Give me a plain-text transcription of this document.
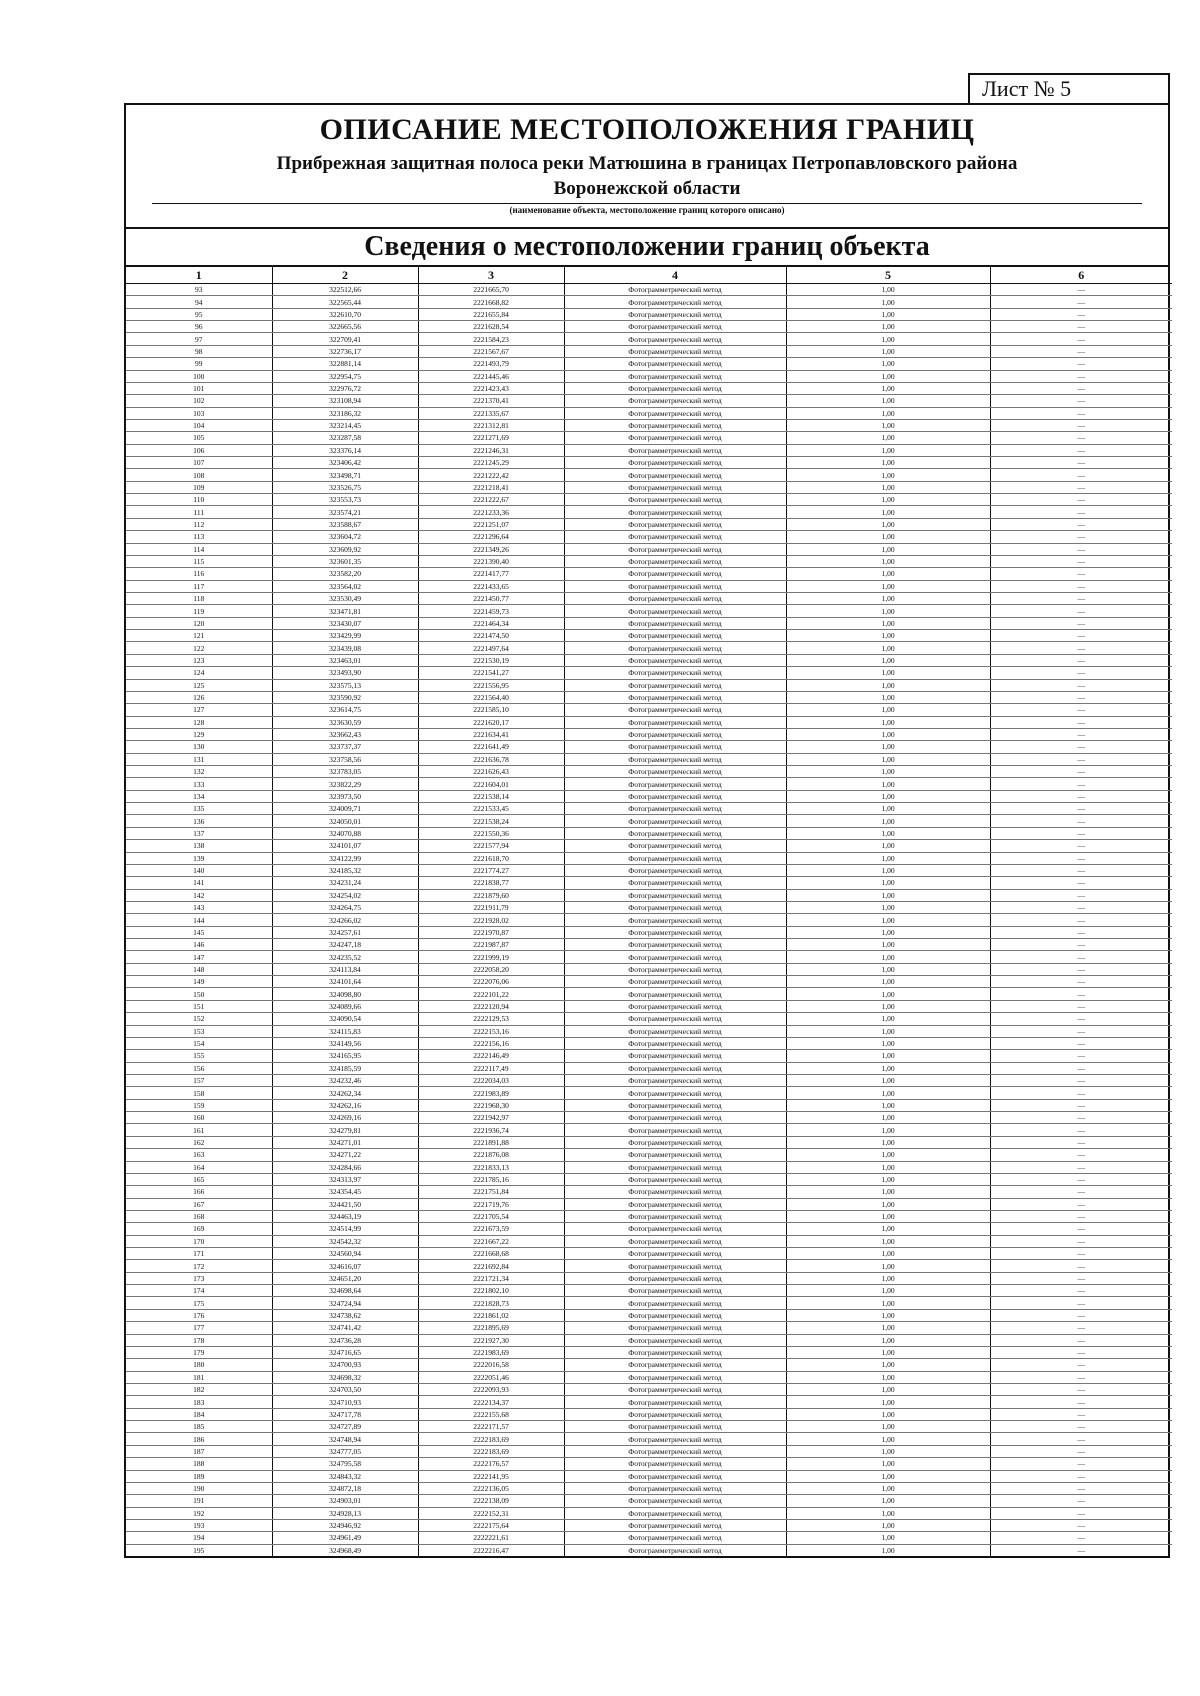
Лист № 5
ОПИСАНИЕ МЕСТОПОЛОЖЕНИЯ ГРАНИЦ
Прибрежная защитная полоса реки Матюшина в границах Петропавловского района
Воронежской области
(наименование объекта, местоположение границ которого описано)
Сведения о местоположении границ объекта
1	2	3	4	5	6
93	322512,66	2221665,70	Фотограмметрический метод	1,00	—
94	322565,44	2221668,82	Фотограмметрический метод	1,00	—
95	322610,70	2221655,84	Фотограмметрический метод	1,00	—
96	322665,56	2221628,54	Фотограмметрический метод	1,00	—
97	322709,41	2221584,23	Фотограмметрический метод	1,00	—
98	322736,17	2221567,67	Фотограмметрический метод	1,00	—
99	322881,14	2221493,79	Фотограмметрический метод	1,00	—
100	322954,75	2221445,46	Фотограмметрический метод	1,00	—
101	322976,72	2221423,43	Фотограмметрический метод	1,00	—
102	323108,94	2221370,41	Фотограмметрический метод	1,00	—
103	323186,32	2221335,67	Фотограмметрический метод	1,00	—
104	323214,45	2221312,81	Фотограмметрический метод	1,00	—
105	323287,58	2221271,69	Фотограмметрический метод	1,00	—
106	323376,14	2221246,31	Фотограмметрический метод	1,00	—
107	323406,42	2221245,29	Фотограмметрический метод	1,00	—
108	323498,71	2221222,42	Фотограмметрический метод	1,00	—
109	323526,75	2221218,41	Фотограмметрический метод	1,00	—
110	323553,73	2221222,67	Фотограмметрический метод	1,00	—
111	323574,21	2221233,36	Фотограмметрический метод	1,00	—
112	323588,67	2221251,07	Фотограмметрический метод	1,00	—
113	323604,72	2221296,64	Фотограмметрический метод	1,00	—
114	323609,92	2221349,26	Фотограмметрический метод	1,00	—
115	323601,35	2221390,40	Фотограмметрический метод	1,00	—
116	323582,20	2221417,77	Фотограмметрический метод	1,00	—
117	323564,02	2221433,65	Фотограмметрический метод	1,00	—
118	323530,49	2221450,77	Фотограмметрический метод	1,00	—
119	323471,81	2221459,73	Фотограмметрический метод	1,00	—
120	323430,07	2221464,34	Фотограмметрический метод	1,00	—
121	323429,99	2221474,50	Фотограмметрический метод	1,00	—
122	323439,08	2221497,64	Фотограмметрический метод	1,00	—
123	323463,01	2221530,19	Фотограмметрический метод	1,00	—
124	323493,90	2221541,27	Фотограмметрический метод	1,00	—
125	323575,13	2221556,95	Фотограмметрический метод	1,00	—
126	323590,92	2221564,40	Фотограмметрический метод	1,00	—
127	323614,75	2221585,10	Фотограмметрический метод	1,00	—
128	323630,59	2221620,17	Фотограмметрический метод	1,00	—
129	323662,43	2221634,41	Фотограмметрический метод	1,00	—
130	323737,37	2221641,49	Фотограмметрический метод	1,00	—
131	323758,56	2221636,78	Фотограмметрический метод	1,00	—
132	323783,05	2221626,43	Фотограмметрический метод	1,00	—
133	323822,29	2221604,01	Фотограмметрический метод	1,00	—
134	323973,50	2221538,14	Фотограмметрический метод	1,00	—
135	324009,71	2221533,45	Фотограмметрический метод	1,00	—
136	324050,01	2221538,24	Фотограмметрический метод	1,00	—
137	324070,88	2221550,36	Фотограмметрический метод	1,00	—
138	324101,07	2221577,94	Фотограмметрический метод	1,00	—
139	324122,99	2221618,70	Фотограмметрический метод	1,00	—
140	324185,32	2221774,27	Фотограмметрический метод	1,00	—
141	324231,24	2221838,77	Фотограмметрический метод	1,00	—
142	324254,02	2221879,60	Фотограмметрический метод	1,00	—
143	324264,75	2221911,79	Фотограмметрический метод	1,00	—
144	324266,02	2221928,02	Фотограмметрический метод	1,00	—
145	324257,61	2221970,87	Фотограмметрический метод	1,00	—
146	324247,18	2221987,87	Фотограмметрический метод	1,00	—
147	324235,52	2221999,19	Фотограмметрический метод	1,00	—
148	324113,84	2222058,20	Фотограмметрический метод	1,00	—
149	324101,64	2222076,06	Фотограмметрический метод	1,00	—
150	324098,80	2222101,22	Фотограмметрический метод	1,00	—
151	324089,66	2222120,94	Фотограмметрический метод	1,00	—
152	324090,54	2222129,53	Фотограмметрический метод	1,00	—
153	324115,83	2222153,16	Фотограмметрический метод	1,00	—
154	324149,56	2222156,16	Фотограмметрический метод	1,00	—
155	324165,95	2222146,49	Фотограмметрический метод	1,00	—
156	324185,59	2222117,49	Фотограмметрический метод	1,00	—
157	324232,46	2222034,03	Фотограмметрический метод	1,00	—
158	324262,34	2221983,89	Фотограмметрический метод	1,00	—
159	324262,16	2221968,30	Фотограмметрический метод	1,00	—
160	324269,16	2221942,97	Фотограмметрический метод	1,00	—
161	324279,81	2221936,74	Фотограмметрический метод	1,00	—
162	324271,01	2221891,88	Фотограмметрический метод	1,00	—
163	324271,22	2221876,08	Фотограмметрический метод	1,00	—
164	324284,66	2221833,13	Фотограмметрический метод	1,00	—
165	324313,97	2221785,16	Фотограмметрический метод	1,00	—
166	324354,45	2221751,84	Фотограмметрический метод	1,00	—
167	324421,50	2221719,76	Фотограмметрический метод	1,00	—
168	324463,19	2221705,54	Фотограмметрический метод	1,00	—
169	324514,99	2221673,59	Фотограмметрический метод	1,00	—
170	324542,32	2221667,22	Фотограмметрический метод	1,00	—
171	324560,94	2221668,68	Фотограмметрический метод	1,00	—
172	324616,07	2221692,84	Фотограмметрический метод	1,00	—
173	324651,20	2221721,34	Фотограмметрический метод	1,00	—
174	324698,64	2221802,10	Фотограмметрический метод	1,00	—
175	324724,94	2221828,73	Фотограмметрический метод	1,00	—
176	324738,62	2221861,02	Фотограмметрический метод	1,00	—
177	324741,42	2221895,69	Фотограмметрический метод	1,00	—
178	324736,28	2221927,30	Фотограмметрический метод	1,00	—
179	324716,65	2221983,69	Фотограмметрический метод	1,00	—
180	324700,93	2222016,58	Фотограмметрический метод	1,00	—
181	324698,32	2222051,46	Фотограмметрический метод	1,00	—
182	324703,50	2222093,93	Фотограмметрический метод	1,00	—
183	324710,93	2222134,37	Фотограмметрический метод	1,00	—
184	324717,78	2222155,68	Фотограмметрический метод	1,00	—
185	324727,89	2222171,57	Фотограмметрический метод	1,00	—
186	324748,94	2222183,69	Фотограмметрический метод	1,00	—
187	324777,05	2222183,69	Фотограмметрический метод	1,00	—
188	324795,58	2222176,57	Фотограмметрический метод	1,00	—
189	324843,32	2222141,95	Фотограмметрический метод	1,00	—
190	324872,18	2222136,05	Фотограмметрический метод	1,00	—
191	324903,01	2222138,09	Фотограмметрический метод	1,00	—
192	324928,13	2222152,31	Фотограмметрический метод	1,00	—
193	324946,92	2222175,64	Фотограмметрический метод	1,00	—
194	324961,49	2222221,61	Фотограмметрический метод	1,00	—
195	324968,49	2222216,47	Фотограмметрический метод	1,00	—
